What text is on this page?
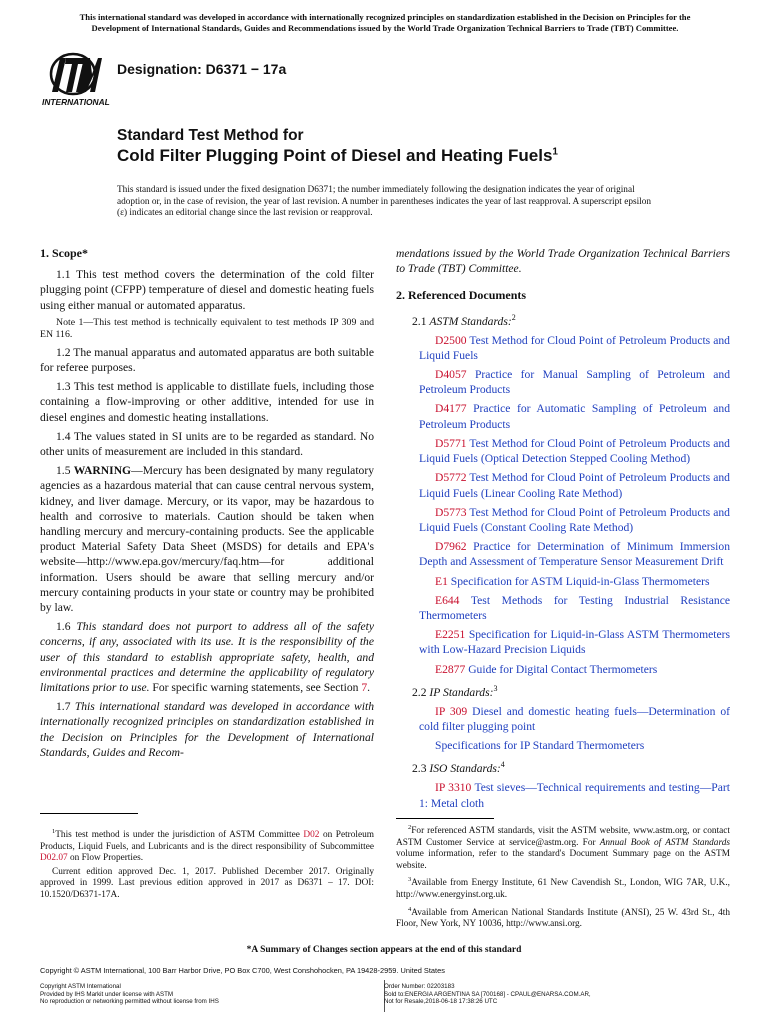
This international standard was developed in accordance with internationally recognized principles on standardization established in the Decision on Principles for the
Development of International Standards, Guides and Recommendations issued by the World Trade Organization Technical Barriers to Trade (TBT) Committee.
INTERNATIONAL
Designation: D6371 − 17a
Standard Test Method for
Cold Filter Plugging Point of Diesel and Heating Fuels$^1$
This standard is issued under the fixed designation D6371; the number immediately following the designation indicates the year of original adoption or, in the case of revision, the year of last revision. A number in parentheses indicates the year of last reapproval. A superscript epsilon (ε) indicates an editorial change since the last revision or reapproval.
1. Scope*

1.1 This test method covers the determination of the cold filter plugging point (CFPP) temperature of diesel and domestic heating fuels using either manual or automated apparatus.

Note 1—This test method is technically equivalent to test methods IP 309 and EN 116.

1.2 The manual apparatus and automated apparatus are both suitable for referee purposes.

1.3 This test method is applicable to distillate fuels, including those containing a flow-improving or other additive, intended for use in diesel engines and domestic heating installations.

1.4 The values stated in SI units are to be regarded as standard. No other units of measurement are included in this standard.

1.5 WARNING—Mercury has been designated by many regulatory agencies as a hazardous material that can cause central nervous system, kidney, and liver damage. Mercury, or its vapor, may be hazardous to health and corrosive to materials. Caution should be taken when handling mercury and mercury-containing products. See the applicable product Material Safety Data Sheet (MSDS) for details and EPA's website—http://www.epa.gov/mercury/faq.htm—for additional information. Users should be aware that selling mercury and/or mercury containing products in your state or country may be prohibited by law.

1.6 This standard does not purport to address all of the safety concerns, if any, associated with its use. It is the responsibility of the user of this standard to establish appropriate safety, health, and environmental practices and determine the applicability of regulatory limitations prior to use. For specific warning statements, see Section 7.

1.7 This international standard was developed in accordance with internationally recognized principles on standardization established in the Decision on Principles for the Development of International Standards, Guides and Recom-

mendations issued by the World Trade Organization Technical Barriers to Trade (TBT) Committee.

2. Referenced Documents

2.1 ASTM Standards:$^2$

D2500 Test Method for Cloud Point of Petroleum Products and Liquid Fuels

D4057 Practice for Manual Sampling of Petroleum and Petroleum Products

D4177 Practice for Automatic Sampling of Petroleum and Petroleum Products

D5771 Test Method for Cloud Point of Petroleum Products and Liquid Fuels (Optical Detection Stepped Cooling Method)

D5772 Test Method for Cloud Point of Petroleum Products and Liquid Fuels (Linear Cooling Rate Method)

D5773 Test Method for Cloud Point of Petroleum Products and Liquid Fuels (Constant Cooling Rate Method)

D7962 Practice for Determination of Minimum Immersion Depth and Assessment of Temperature Sensor Measurement Drift

E1 Specification for ASTM Liquid-in-Glass Thermometers

E644 Test Methods for Testing Industrial Resistance Thermometers

E2251 Specification for Liquid-in-Glass ASTM Thermometers with Low-Hazard Precision Liquids

E2877 Guide for Digital Contact Thermometers

2.2 IP Standards:$^3$

IP 309 Diesel and domestic heating fuels—Determination of cold filter plugging point

Specifications for IP Standard Thermometers

2.3 ISO Standards:$^4$

IP 3310 Test sieves—Technical requirements and testing—Part 1: Metal cloth

$^1$This test method is under the jurisdiction of ASTM Committee D02 on Petroleum Products, Liquid Fuels, and Lubricants and is the direct responsibility of Subcommittee D02.07 on Flow Properties.

Current edition approved Dec. 1, 2017. Published December 2017. Originally approved in 1999. Last previous edition approved in 2017 as D6371 – 17. DOI: 10.1520/D6371-17A.

$^2$For referenced ASTM standards, visit the ASTM website, www.astm.org, or contact ASTM Customer Service at service@astm.org. For Annual Book of ASTM Standards volume information, refer to the standard's Document Summary page on the ASTM website.

$^3$Available from Energy Institute, 61 New Cavendish St., London, WIG 7AR, U.K., http://www.energyinst.org.uk.

$^4$Available from American National Standards Institute (ANSI), 25 W. 43rd St., 4th Floor, New York, NY 10036, http://www.ansi.org.

*A Summary of Changes section appears at the end of this standard
Copyright © ASTM International, 100 Barr Harbor Drive, PO Box C700, West Conshohocken, PA 19428-2959. United States
Copyright ASTM International
Provided by IHS Markit under license with ASTM
No reproduction or networking permitted without license from IHS
Order Number: 02203183
Sold to:ENERGIA ARGENTINA SA [700168] - CPAUL@ENARSA.COM.AR,
Not for Resale,2018-06-18 17:38:26 UTC
